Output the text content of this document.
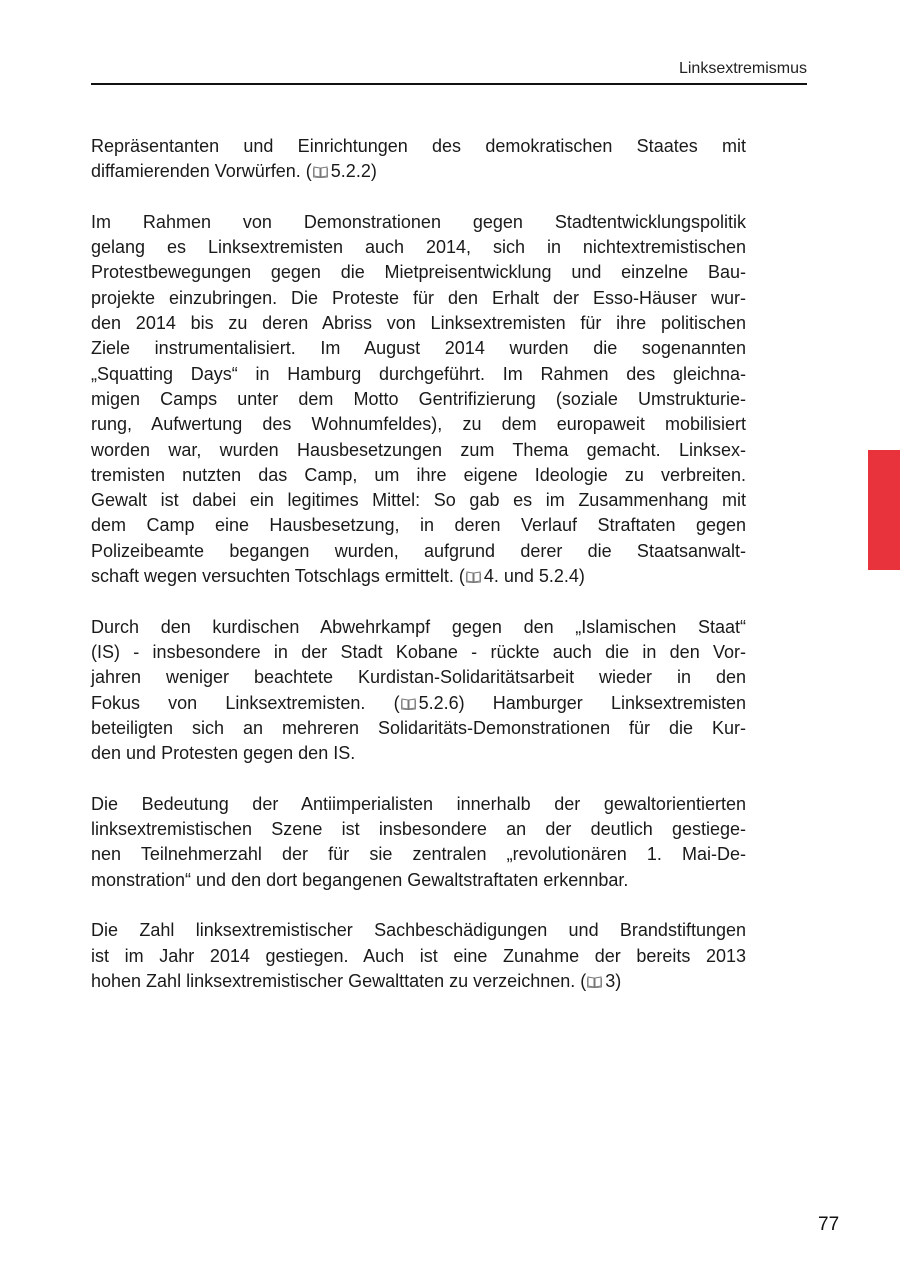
Linksextremismus
Repräsentanten und Einrichtungen des demokratischen Staates mit
diffamierenden Vorwürfen. ( 5.2.2)
Im Rahmen von Demonstrationen gegen Stadtentwicklungspolitik
gelang es Linksextremisten auch 2014, sich in nichtextremistischen
Protestbewegungen gegen die Mietpreisentwicklung und einzelne Bau-
projekte einzubringen. Die Proteste für den Erhalt der Esso-Häuser wur-
den 2014 bis zu deren Abriss von Linksextremisten für ihre politischen
Ziele instrumentalisiert. Im August 2014 wurden die sogenannten
„Squatting Days“ in Hamburg durchgeführt. Im Rahmen des gleichna-
migen Camps unter dem Motto Gentrifizierung (soziale Umstrukturie-
rung, Aufwertung des Wohnumfeldes), zu dem europaweit mobilisiert
worden war, wurden Hausbesetzungen zum Thema gemacht. Linksex-
tremisten nutzten das Camp, um ihre eigene Ideologie zu verbreiten.
Gewalt ist dabei ein legitimes Mittel: So gab es im Zusammenhang mit
dem Camp eine Hausbesetzung, in deren Verlauf Straftaten gegen
Polizeibeamte begangen wurden, aufgrund derer die Staatsanwalt-
schaft wegen versuchten Totschlags ermittelt. ( 4. und 5.2.4)
Durch den kurdischen Abwehrkampf gegen den „Islamischen Staat“
(IS) - insbesondere in der Stadt Kobane - rückte auch die in den Vor-
jahren weniger beachtete Kurdistan-Solidaritätsarbeit wieder in den
Fokus von Linksextremisten. ( 5.2.6) Hamburger Linksextremisten
beteiligten sich an mehreren Solidaritäts-Demonstrationen für die Kur-
den und Protesten gegen den IS.
Die Bedeutung der Antiimperialisten innerhalb der gewaltorientierten
linksextremistischen Szene ist insbesondere an der deutlich gestiege-
nen Teilnehmerzahl der für sie zentralen „revolutionären 1. Mai-De-
monstration“ und den dort begangenen Gewaltstraftaten erkennbar.
Die Zahl linksextremistischer Sachbeschädigungen und Brandstiftungen
ist im Jahr 2014 gestiegen. Auch ist eine Zunahme der bereits 2013
hohen Zahl linksextremistischer Gewalttaten zu verzeichnen. ( 3)
77
